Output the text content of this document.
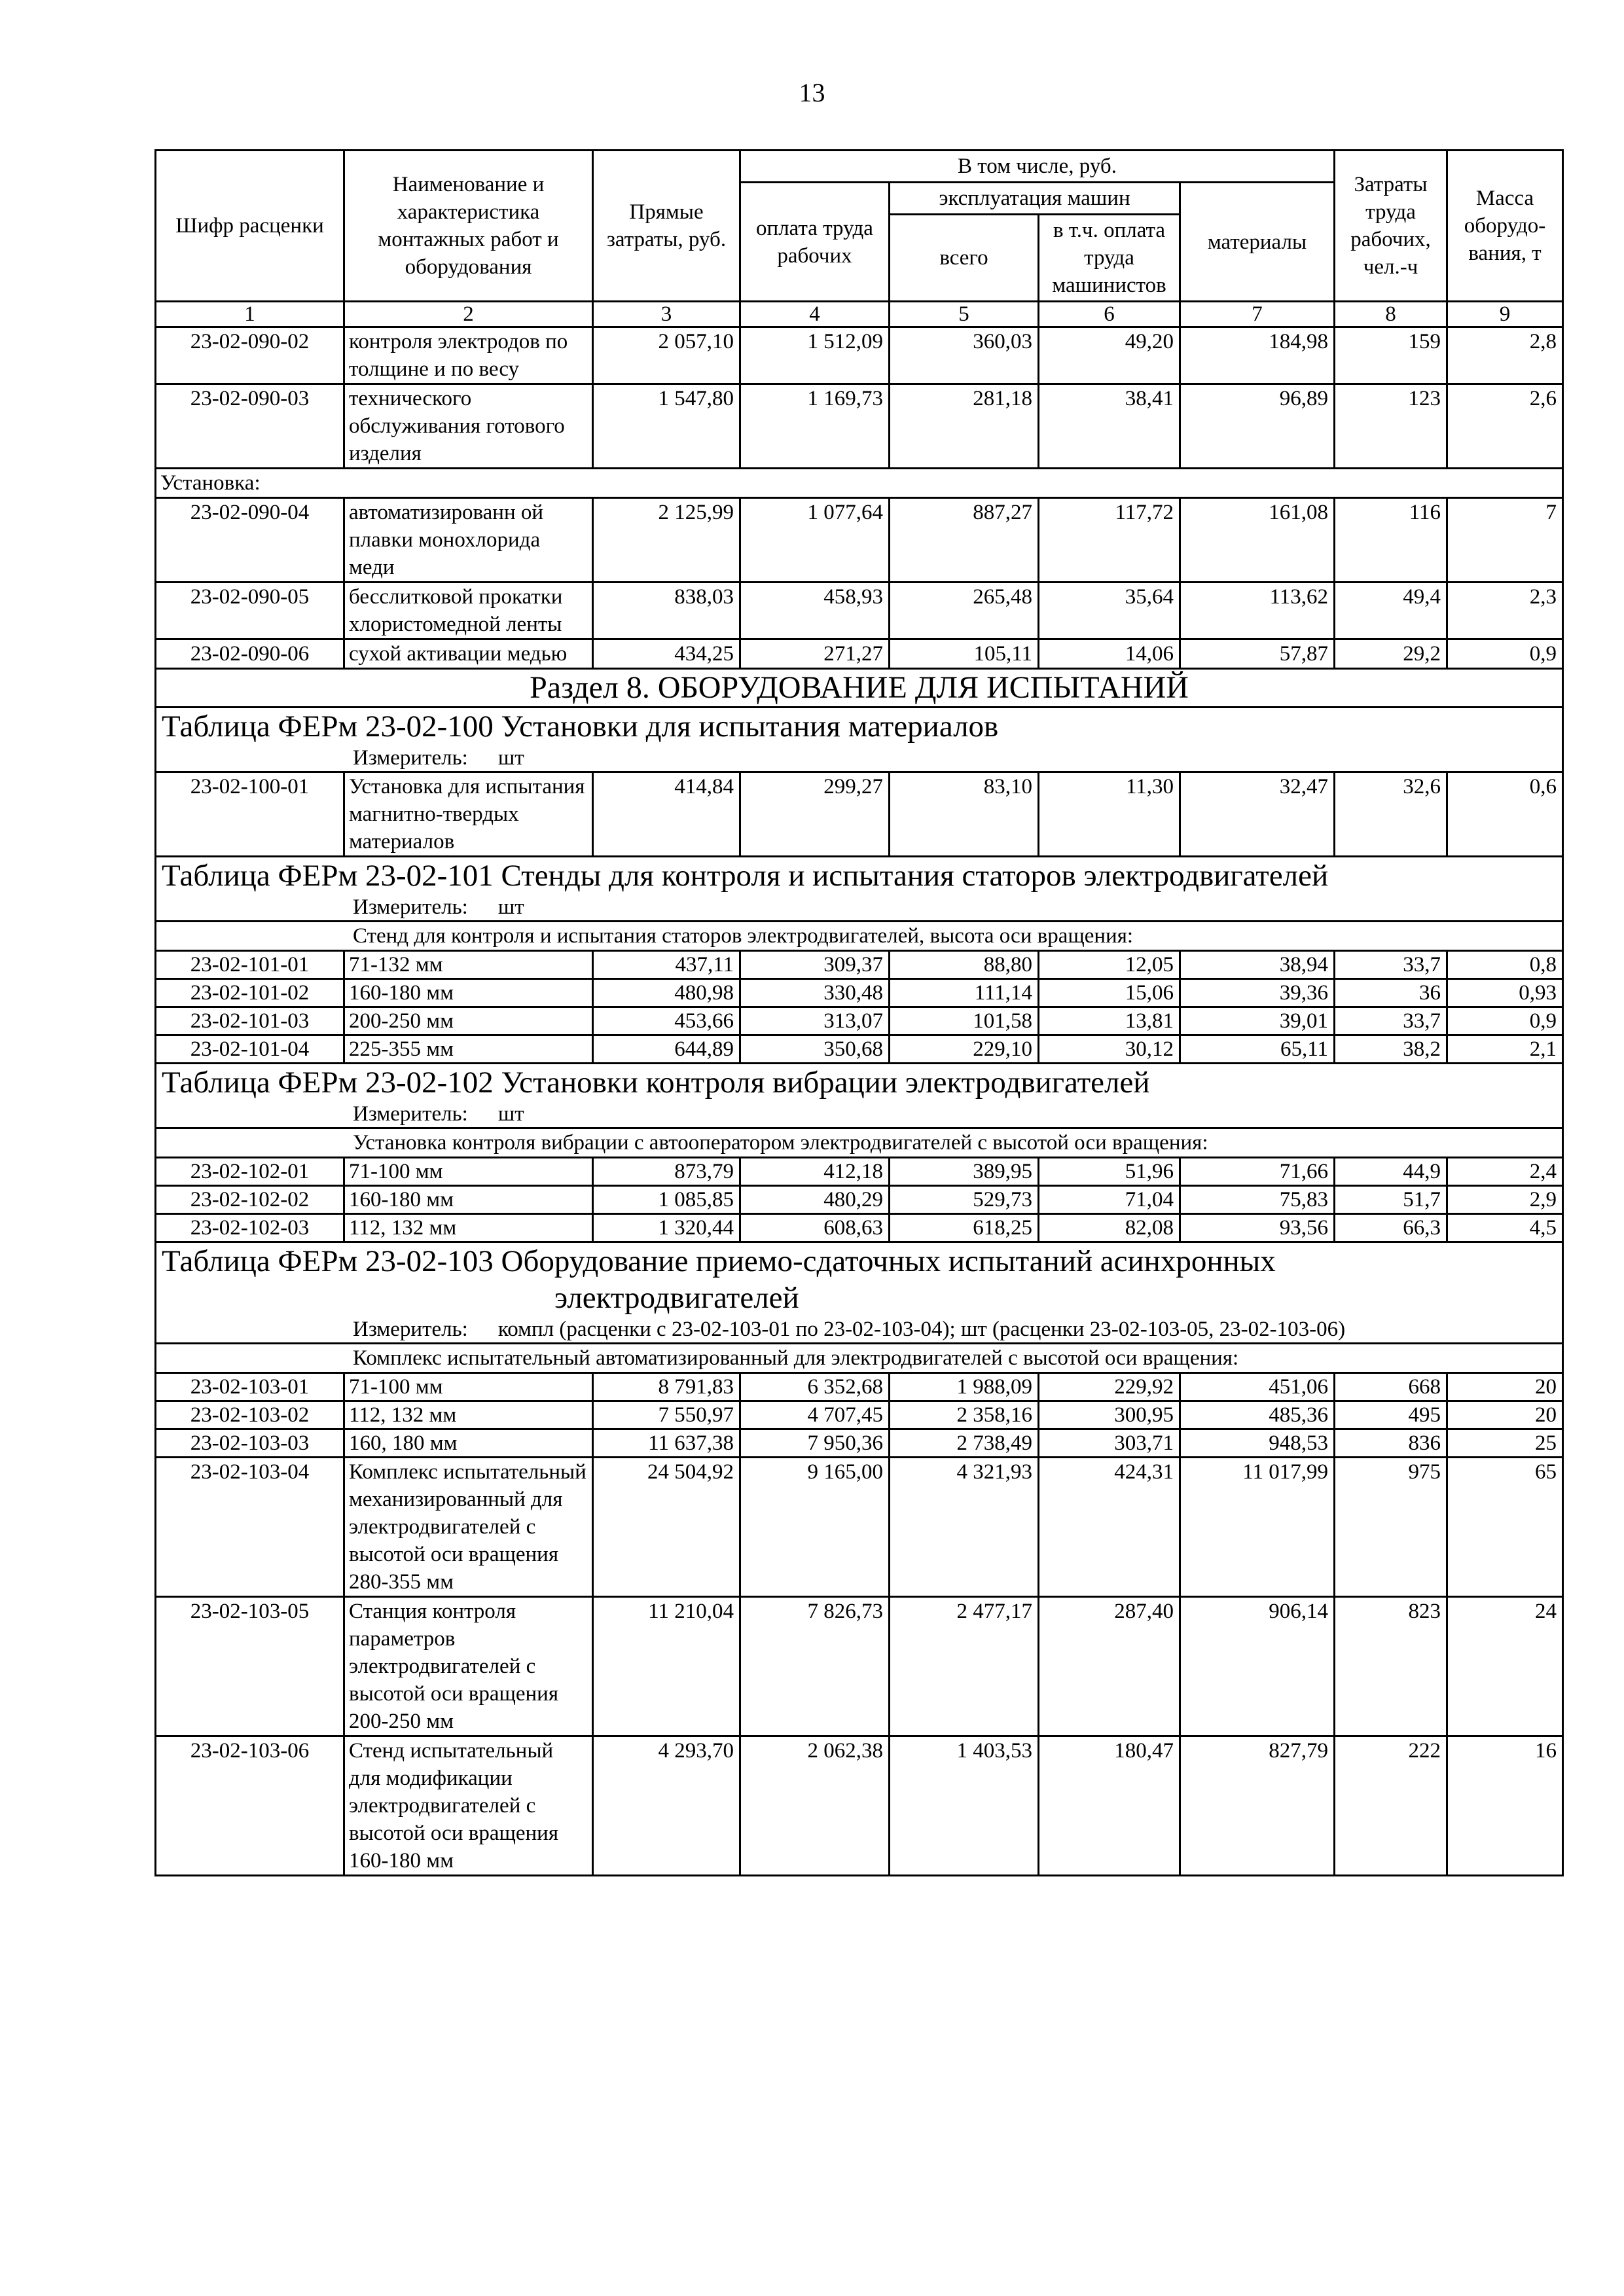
13
Шифр расценки	Наименование и характеристика монтажных работ и оборудования	Прямые затраты, руб.	В том числе, руб.				Затраты труда рабочих, чел.-ч	Масса оборудо-вания, т
			оплата труда рабочих	эксплуатация машин		материалы		
				всего	в т.ч. оплата труда машинистов			
1	2	3	4	5	6	7	8	9
23-02-090-02	контроля электродов по толщине и по весу	2 057,10	1 512,09	360,03	49,20	184,98	159	2,8
23-02-090-03	технического обслуживания готового изделия	1 547,80	1 169,73	281,18	38,41	96,89	123	2,6
Установка:								
23-02-090-04	автоматизированн ой плавки монохлорида меди	2 125,99	1 077,64	887,27	117,72	161,08	116	7
23-02-090-05	бесслитковой прокатки хлористомедной ленты	838,03	458,93	265,48	35,64	113,62	49,4	2,3
23-02-090-06	сухой активации медью	434,25	271,27	105,11	14,06	57,87	29,2	0,9
Раздел 8. ОБОРУДОВАНИЕ ДЛЯ ИСПЫТАНИЙ								
Таблица ФЕРм 23-02-100 Установки для испытания материалов
Измеритель: шт								

23-02-100-01	Установка для испытания магнитно-твердых материалов	414,84	299,27	83,10	11,30	32,47	32,6	0,6
Таблица ФЕРм 23-02-101 Стенды для контроля и испытания статоров электродвигателей
Измеритель: шт								

Стенд для контроля и испытания статоров электродвигателей, высота оси вращения:								
23-02-101-01	71-132 мм	437,11	309,37	88,80	12,05	38,94	33,7	0,8
23-02-101-02	160-180 мм	480,98	330,48	111,14	15,06	39,36	36	0,93
23-02-101-03	200-250 мм	453,66	313,07	101,58	13,81	39,01	33,7	0,9
23-02-101-04	225-355 мм	644,89	350,68	229,10	30,12	65,11	38,2	2,1
Таблица ФЕРм 23-02-102 Установки контроля вибрации электродвигателей
Измеритель: шт								

Установка контроля вибрации с автооператором электродвигателей с высотой оси вращения:								
23-02-102-01	71-100 мм	873,79	412,18	389,95	51,96	71,66	44,9	2,4
23-02-102-02	160-180 мм	1 085,85	480,29	529,73	71,04	75,83	51,7	2,9
23-02-102-03	112, 132 мм	1 320,44	608,63	618,25	82,08	93,56	66,3	4,5
Таблица ФЕРм 23-02-103 Оборудование приемо-сдаточных испытаний асинхронных
электродвигателей
Измеритель: компл (расценки с 23-02-103-01 по 23-02-103-04); шт (расценки 23-02-103-05, 23-02-103-06)								

Комплекс испытательный автоматизированный для электродвигателей с высотой оси вращения:								
23-02-103-01	71-100 мм	8 791,83	6 352,68	1 988,09	229,92	451,06	668	20
23-02-103-02	112, 132 мм	7 550,97	4 707,45	2 358,16	300,95	485,36	495	20
23-02-103-03	160, 180 мм	11 637,38	7 950,36	2 738,49	303,71	948,53	836	25
23-02-103-04	Комплекс испытательный механизированный для электродвигателей с высотой оси вращения 280-355 мм	24 504,92	9 165,00	4 321,93	424,31	11 017,99	975	65
23-02-103-05	Станция контроля параметров электродвигателей с высотой оси вращения 200-250 мм	11 210,04	7 826,73	2 477,17	287,40	906,14	823	24
23-02-103-06	Стенд испытательный для модификации электродвигателей с высотой оси вращения 160-180 мм	4 293,70	2 062,38	1 403,53	180,47	827,79	222	16
